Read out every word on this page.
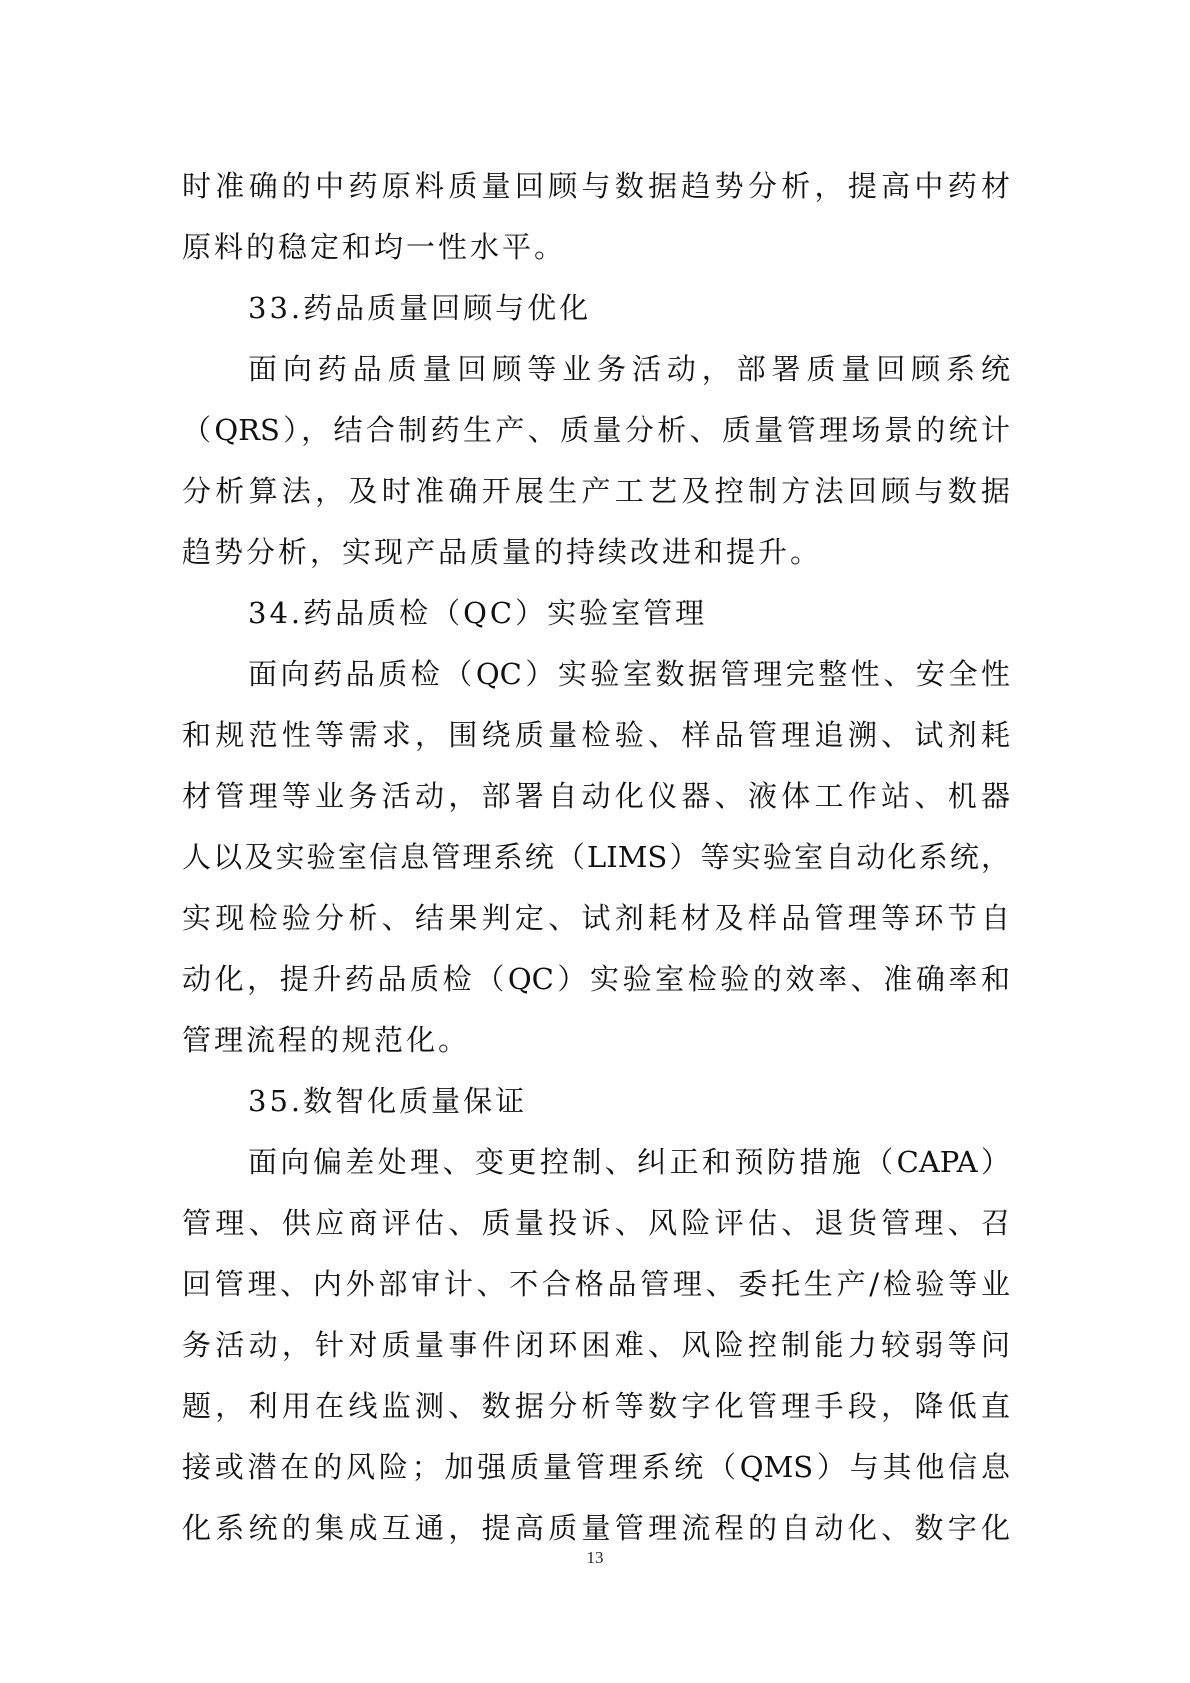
时准确的中药原料质量回顾与数据趋势分析，提高中药材
原料的稳定和均一性水平。
33.药品质量回顾与优化
面向药品质量回顾等业务活动，部署质量回顾系统
（QRS），结合制药生产、质量分析、质量管理场景的统计
分析算法，及时准确开展生产工艺及控制方法回顾与数据
趋势分析，实现产品质量的持续改进和提升。
34.药品质检（QC）实验室管理
面向药品质检（QC）实验室数据管理完整性、安全性
和规范性等需求，围绕质量检验、样品管理追溯、试剂耗
材管理等业务活动，部署自动化仪器、液体工作站、机器
人以及实验室信息管理系统（LIMS）等实验室自动化系统，
实现检验分析、结果判定、试剂耗材及样品管理等环节自
动化，提升药品质检（QC）实验室检验的效率、准确率和
管理流程的规范化。
35.数智化质量保证
面向偏差处理、变更控制、纠正和预防措施（CAPA）
管理、供应商评估、质量投诉、风险评估、退货管理、召
回管理、内外部审计、不合格品管理、委托生产/检验等业
务活动，针对质量事件闭环困难、风险控制能力较弱等问
题，利用在线监测、数据分析等数字化管理手段，降低直
接或潜在的风险；加强质量管理系统（QMS）与其他信息
化系统的集成互通，提高质量管理流程的自动化、数字化
13
